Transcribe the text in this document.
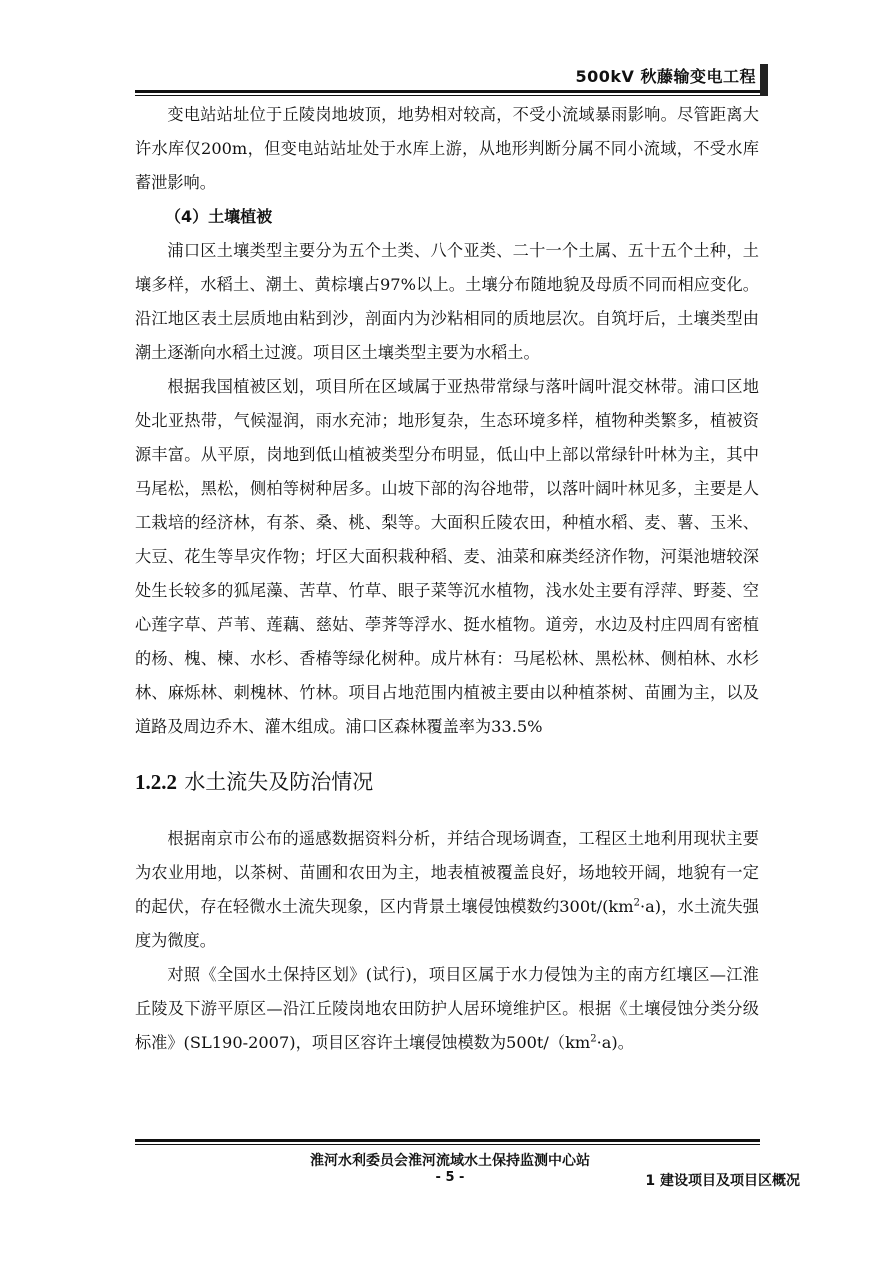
500kV 秋藤输变电工程

变电站站址位于丘陵岗地坡顶，地势相对较高，不受小流域暴雨影响。尽管距离大许水库仅200m，但变电站站址处于水库上游，从地形判断分属不同小流域，不受水库蓄泄影响。

（4）土壤植被

浦口区土壤类型主要分为五个土类、八个亚类、二十一个土属、五十五个土种，土壤多样，水稻土、潮土、黄棕壤占97%以上。土壤分布随地貌及母质不同而相应变化。沿江地区表土层质地由粘到沙，剖面内为沙粘相同的质地层次。自筑圩后，土壤类型由潮土逐渐向水稻土过渡。项目区土壤类型主要为水稻土。

根据我国植被区划，项目所在区域属于亚热带常绿与落叶阔叶混交林带。浦口区地处北亚热带，气候湿润，雨水充沛；地形复杂，生态环境多样，植物种类繁多，植被资源丰富。从平原，岗地到低山植被类型分布明显，低山中上部以常绿针叶林为主，其中马尾松，黑松，侧柏等树种居多。山坡下部的沟谷地带，以落叶阔叶林见多，主要是人工栽培的经济林，有茶、桑、桃、梨等。大面积丘陵农田，种植水稻、麦、薯、玉米、大豆、花生等旱灾作物；圩区大面积栽种稻、麦、油菜和麻类经济作物，河渠池塘较深处生长较多的狐尾藻、苦草、竹草、眼子菜等沉水植物，浅水处主要有浮萍、野菱、空心莲字草、芦苇、莲藕、慈姑、荸荠等浮水、挺水植物。道旁，水边及村庄四周有密植的杨、槐、楝、水杉、香椿等绿化树种。成片林有：马尾松林、黑松林、侧柏林、水杉林、麻烁林、刺槐林、竹林。项目占地范围内植被主要由以种植茶树、苗圃为主，以及道路及周边乔木、灌木组成。浦口区森林覆盖率为33.5%

1.2.2 水土流失及防治情况

根据南京市公布的遥感数据资料分析，并结合现场调查，工程区土地利用现状主要为农业用地，以茶树、苗圃和农田为主，地表植被覆盖良好，场地较开阔，地貌有一定的起伏，存在轻微水土流失现象，区内背景土壤侵蚀模数约$300t/(km^2\cdot a)$，水土流失强度为微度。

对照《全国水土保持区划》(试行)，项目区属于水力侵蚀为主的南方红壤区—江淮丘陵及下游平原区—沿江丘陵岗地农田防护人居环境维护区。根据《土壤侵蚀分类分级标准》(SL190-2007)，项目区容许土壤侵蚀模数为$500t/(km^2\cdot a)$。

淮河水利委员会淮河流域水土保持监测中心站
- 5 -	1 建设项目及项目区概况
